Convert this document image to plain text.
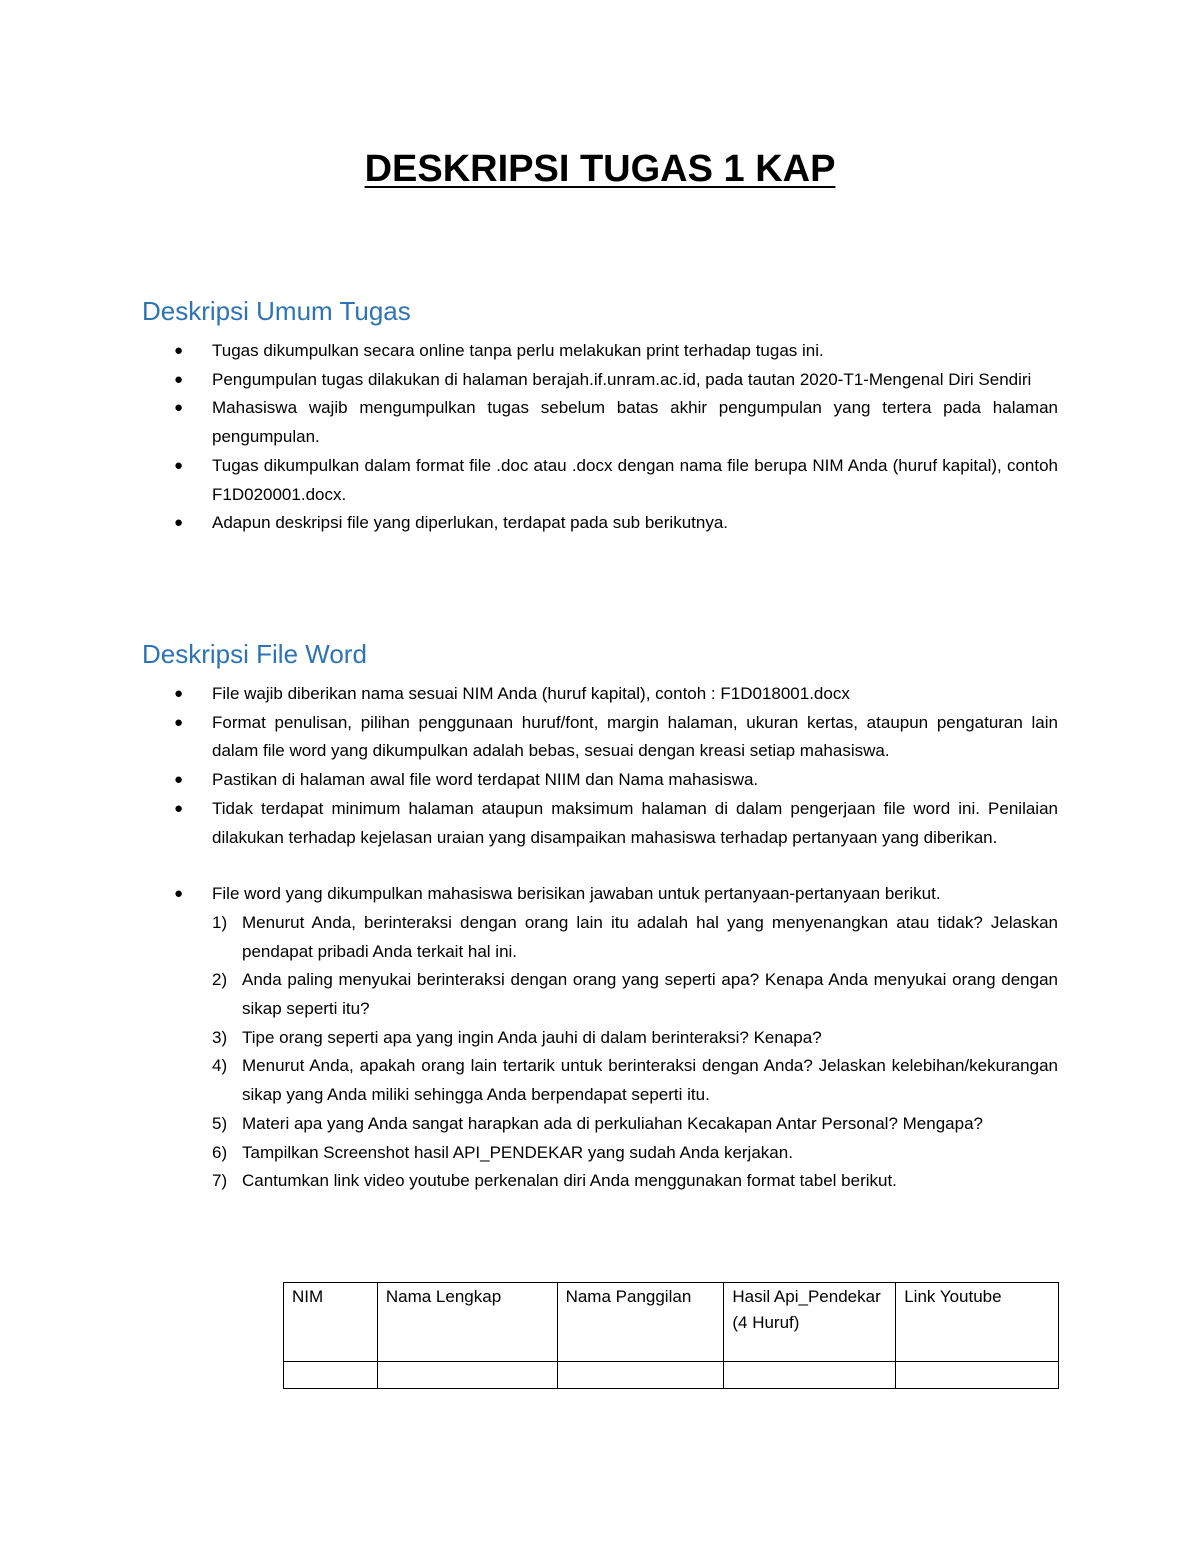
DESKRIPSI TUGAS 1 KAP
Deskripsi Umum Tugas
● Tugas dikumpulkan secara online tanpa perlu melakukan print terhadap tugas ini.
● Pengumpulan tugas dilakukan di halaman berajah.if.unram.ac.id, pada tautan 2020-T1-Mengenal Diri Sendiri
● Mahasiswa wajib mengumpulkan tugas sebelum batas akhir pengumpulan yang tertera pada halaman pengumpulan.
● Tugas dikumpulkan dalam format file .doc atau .docx dengan nama file berupa NIM Anda (huruf kapital), contoh F1D020001.docx.
● Adapun deskripsi file yang diperlukan, terdapat pada sub berikutnya.
Deskripsi File Word
● File wajib diberikan nama sesuai NIM Anda (huruf kapital), contoh : F1D018001.docx
● Format penulisan, pilihan penggunaan huruf/font, margin halaman, ukuran kertas, ataupun pengaturan lain dalam file word yang dikumpulkan adalah bebas, sesuai dengan kreasi setiap mahasiswa.
● Pastikan di halaman awal file word terdapat NIIM dan Nama mahasiswa.
● Tidak terdapat minimum halaman ataupun maksimum halaman di dalam pengerjaan file word ini. Penilaian dilakukan terhadap kejelasan uraian yang disampaikan mahasiswa terhadap pertanyaan yang diberikan.
● File word yang dikumpulkan mahasiswa berisikan jawaban untuk pertanyaan-pertanyaan berikut.
1) Menurut Anda, berinteraksi dengan orang lain itu adalah hal yang menyenangkan atau tidak? Jelaskan pendapat pribadi Anda terkait hal ini.
2) Anda paling menyukai berinteraksi dengan orang yang seperti apa? Kenapa Anda menyukai orang dengan sikap seperti itu?
3) Tipe orang seperti apa yang ingin Anda jauhi di dalam berinteraksi? Kenapa?
4) Menurut Anda, apakah orang lain tertarik untuk berinteraksi dengan Anda? Jelaskan kelebihan/kekurangan sikap yang Anda miliki sehingga Anda berpendapat seperti itu.
5) Materi apa yang Anda sangat harapkan ada di perkuliahan Kecakapan Antar Personal? Mengapa?
6) Tampilkan Screenshot hasil API_PENDEKAR yang sudah Anda kerjakan.
7) Cantumkan link video youtube perkenalan diri Anda menggunakan format tabel berikut.
NIM	Nama Lengkap	Nama Panggilan	Hasil Api_Pendekar (4 Huruf)	Link Youtube
